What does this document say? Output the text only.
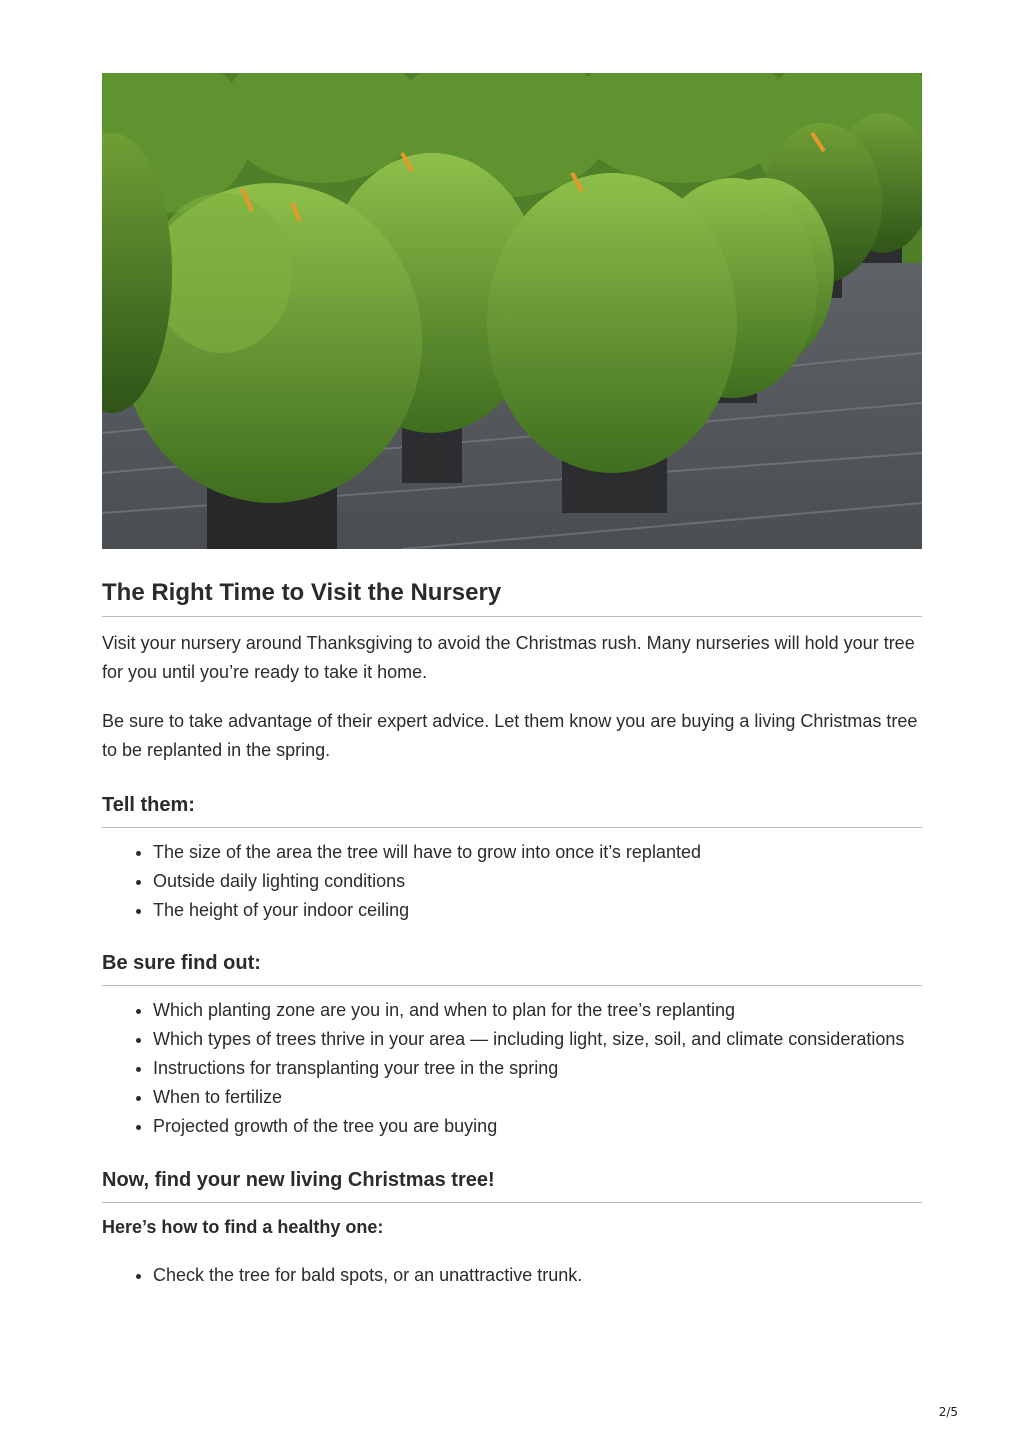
The Right Time to Visit the Nursery

Visit your nursery around Thanksgiving to avoid the Christmas rush. Many nurseries will hold your tree for you until you’re ready to take it home.

Be sure to take advantage of their expert advice. Let them know you are buying a living Christmas tree to be replanted in the spring.

Tell them:
• The size of the area the tree will have to grow into once it’s replanted
• Outside daily lighting conditions
• The height of your indoor ceiling
Be sure find out:
• Which planting zone are you in, and when to plan for the tree’s replanting
• Which types of trees thrive in your area — including light, size, soil, and climate considerations
• Instructions for transplanting your tree in the spring
• When to fertilize
• Projected growth of the tree you are buying
Now, find your new living Christmas tree!
Here’s how to find a healthy one:
• Check the tree for bald spots, or an unattractive trunk.
2/5
